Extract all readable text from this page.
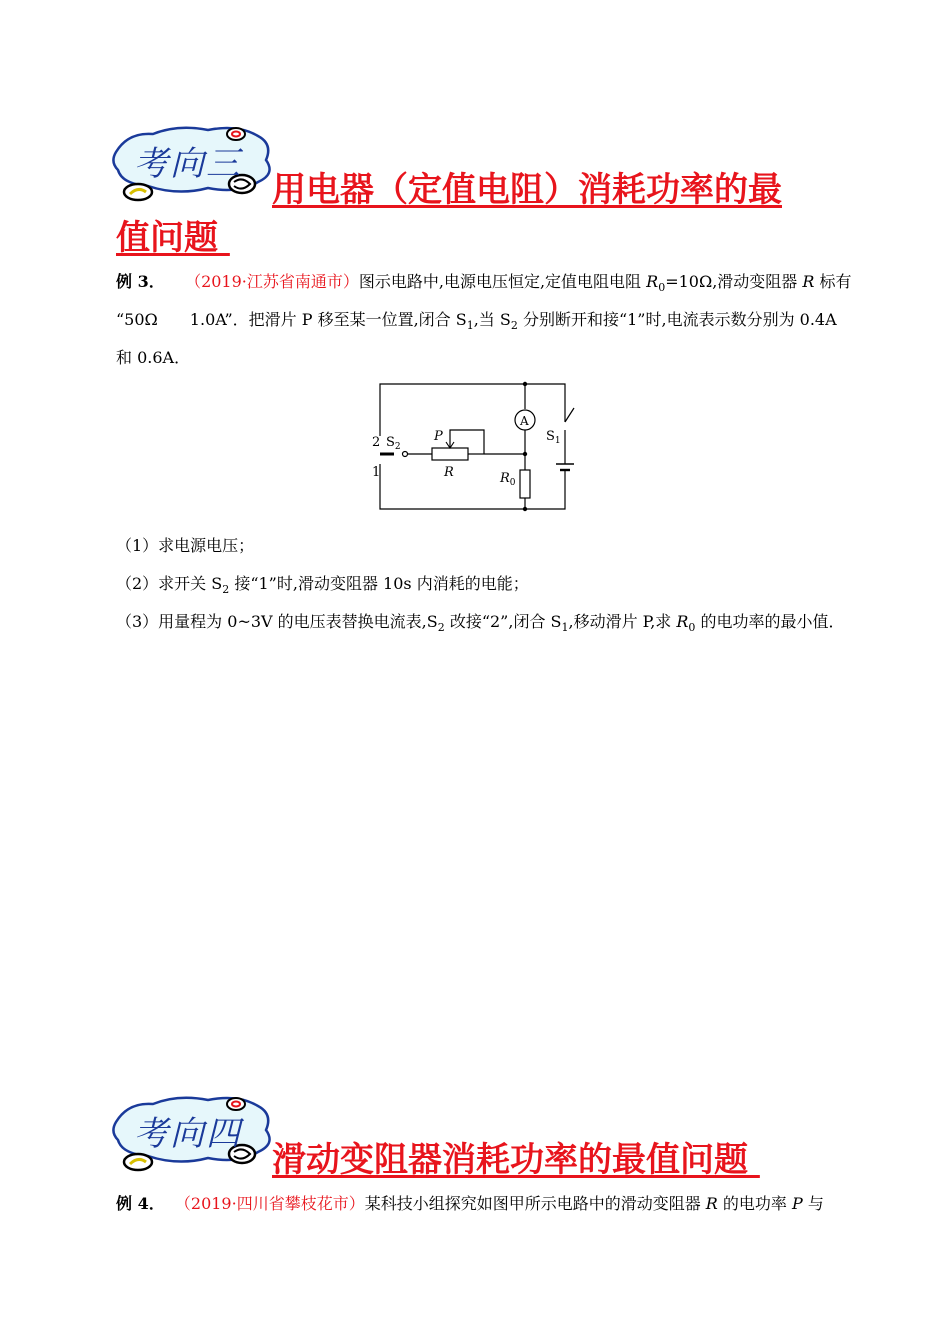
考向三
用电器（定值电阻）消耗功率的最
值问题
例 3． （2019·江苏省南通市）图示电路中,电源电压恒定,定值电阻电阻 $R_0=10\Omega$,滑动变阻器 R 标有
“50Ω　　1.0A”．把滑片 P 移至某一位置,闭合 $S_1$,当 $S_2$ 分别断开和接“1”时,电流表示数分别为 0.4A
和 0.6A．
2
1
$S_2$
P
R
A
$S_1$
$R_0$
（1）求电源电压；
（2）求开关 $S_2$ 接“1”时,滑动变阻器 10s 内消耗的电能；
（3）用量程为 0~3V 的电压表替换电流表$,S_2$ 改接“2”,闭合 $S_1$,移动滑片 P,求 $R_0$ 的电功率的最小值．
考向四
滑动变阻器消耗功率的最值问题
例 4． （2019·四川省攀枝花市）某科技小组探究如图甲所示电路中的滑动变阻器 R 的电功率 P 与
